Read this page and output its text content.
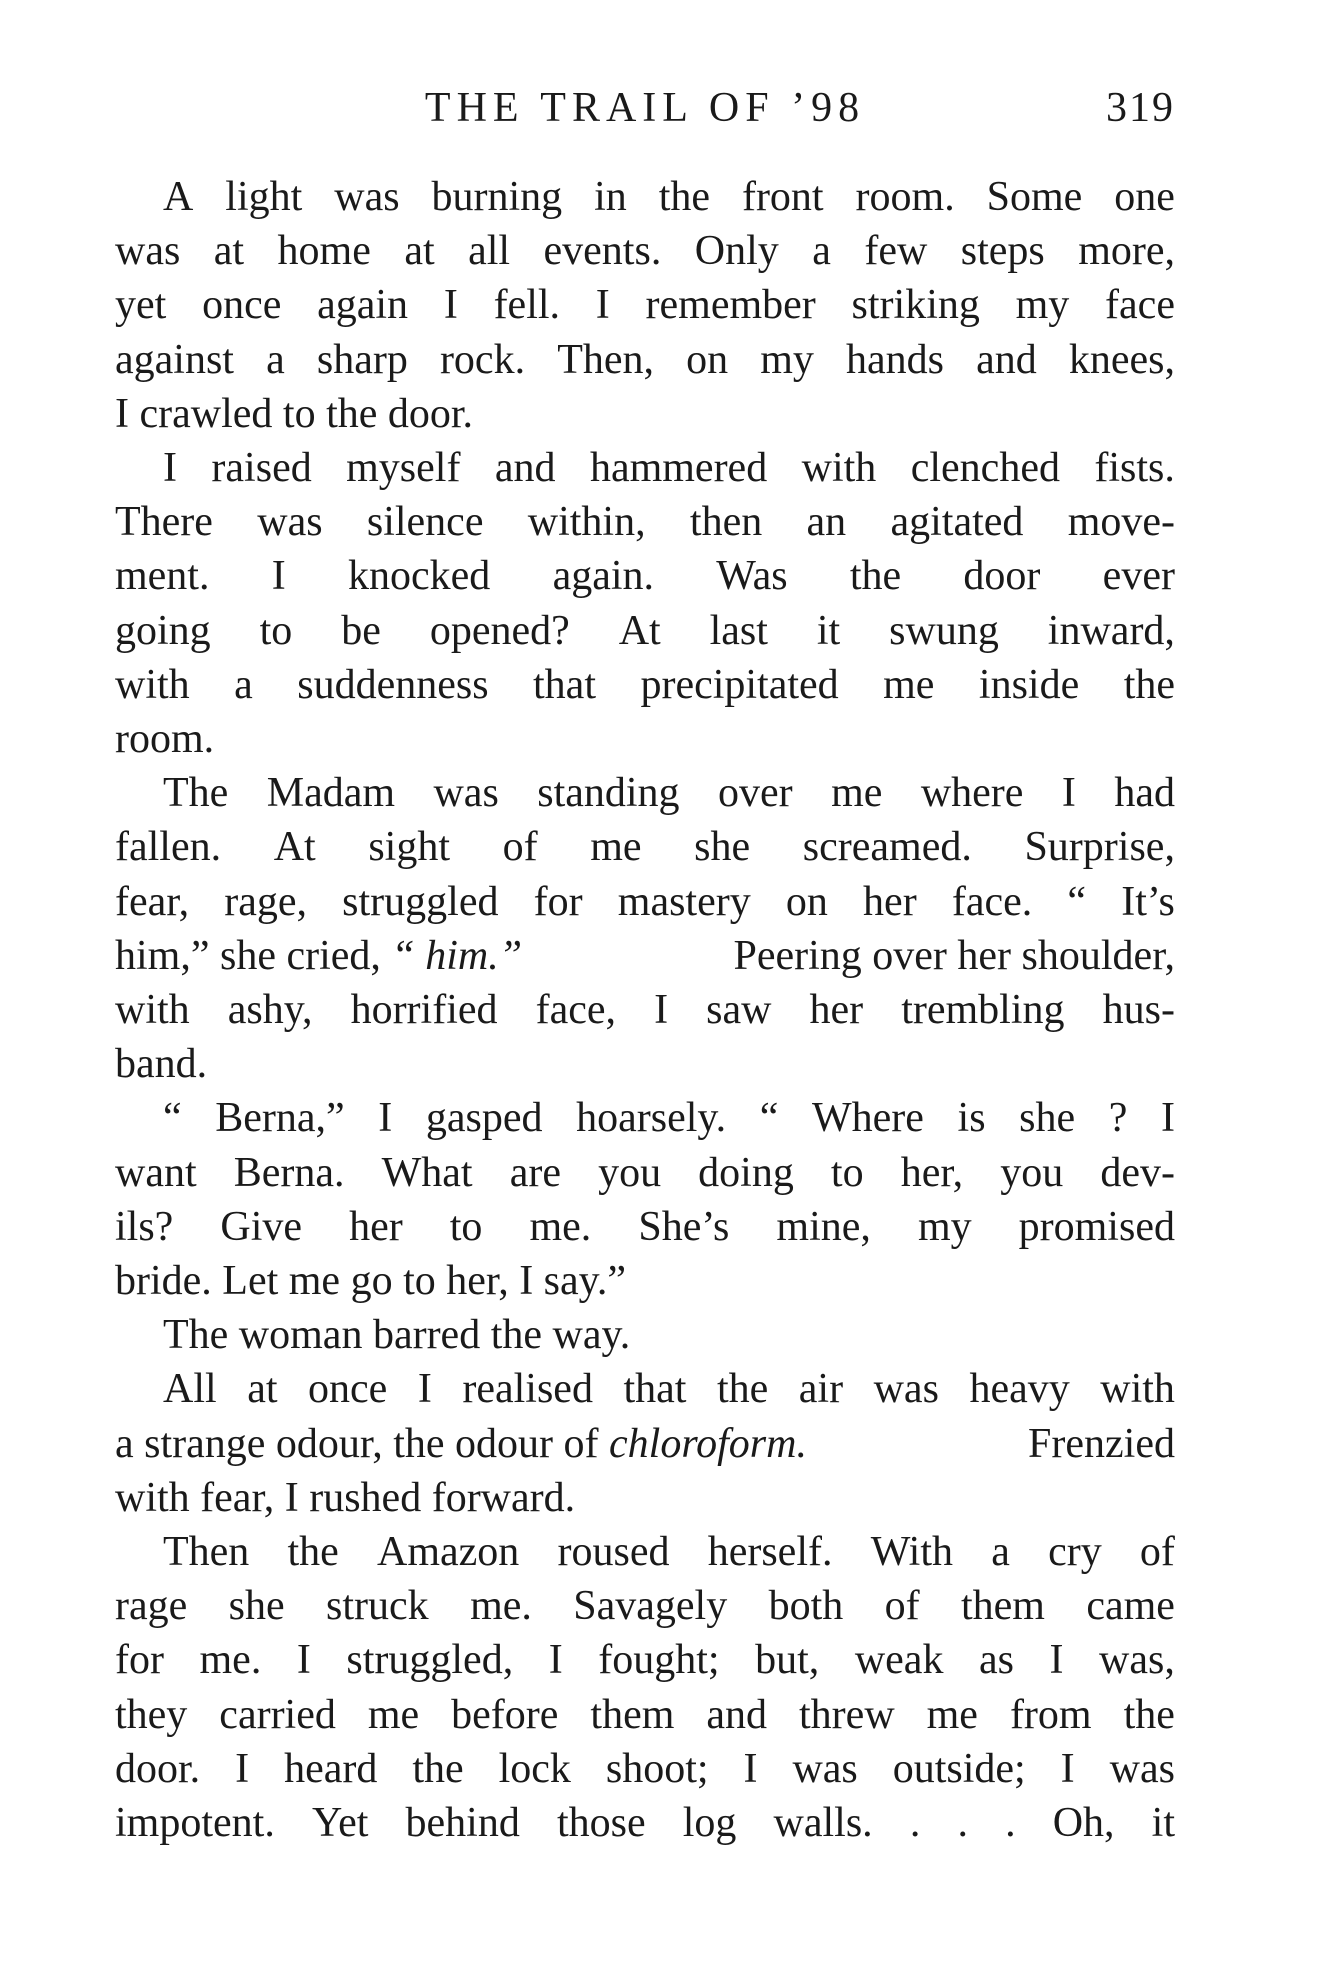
THE TRAIL OF ’98	319
A light was burning in the front room. Some one
was at home at all events. Only a few steps more,
yet once again I fell. I remember striking my face
against a sharp rock. Then, on my hands and knees,
I crawled to the door.
I raised myself and hammered with clenched fists.
There was silence within, then an agitated move-
ment. I knocked again. Was the door ever
going to be opened? At last it swung inward,
with a suddenness that precipitated me inside the
room.
The Madam was standing over me where I had
fallen. At sight of me she screamed. Surprise,
fear, rage, struggled for mastery on her face. “ It’s
him,” she cried, “ him.”	Peering over her shoulder,
with ashy, horrified face, I saw her trembling hus-
band.
“ Berna,” I gasped hoarsely. “ Where is she ? I
want Berna. What are you doing to her, you dev-
ils? Give her to me. She’s mine, my promised
bride. Let me go to her, I say.”
The woman barred the way.
All at once I realised that the air was heavy with
a strange odour, the odour of chloroform.	Frenzied
with fear, I rushed forward.
Then the Amazon roused herself. With a cry of
rage she struck me. Savagely both of them came
for me. I struggled, I fought; but, weak as I was,
they carried me before them and threw me from the
door. I heard the lock shoot; I was outside; I was
impotent. Yet behind those log walls. . . . Oh, it
